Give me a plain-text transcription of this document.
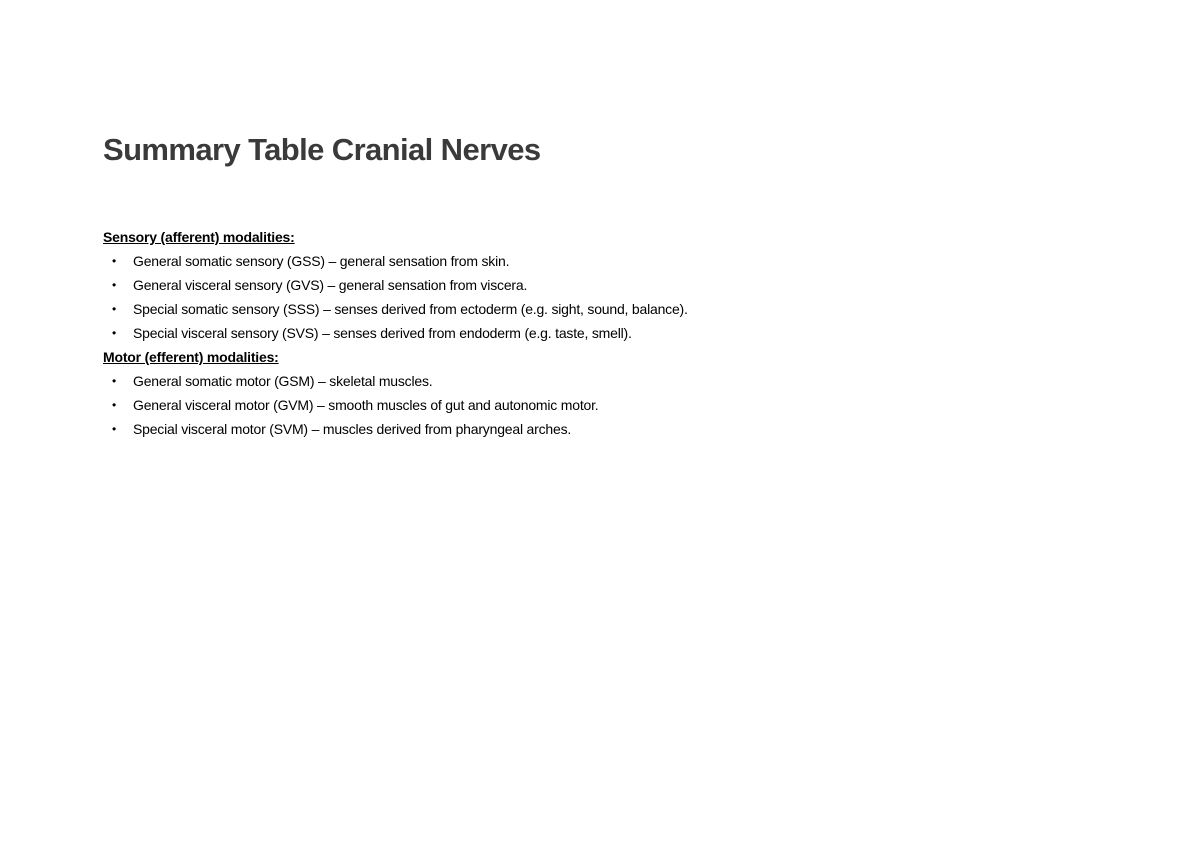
Summary Table Cranial Nerves

Sensory (afferent) modalities:

• General somatic sensory (GSS) – general sensation from skin.
• General visceral sensory (GVS) – general sensation from viscera.
• Special somatic sensory (SSS) – senses derived from ectoderm (e.g. sight, sound, balance).
• Special visceral sensory (SVS) – senses derived from endoderm (e.g. taste, smell).

Motor (efferent) modalities:

• General somatic motor (GSM) – skeletal muscles.
• General visceral motor (GVM) – smooth muscles of gut and autonomic motor.
• Special visceral motor (SVM) – muscles derived from pharyngeal arches.
